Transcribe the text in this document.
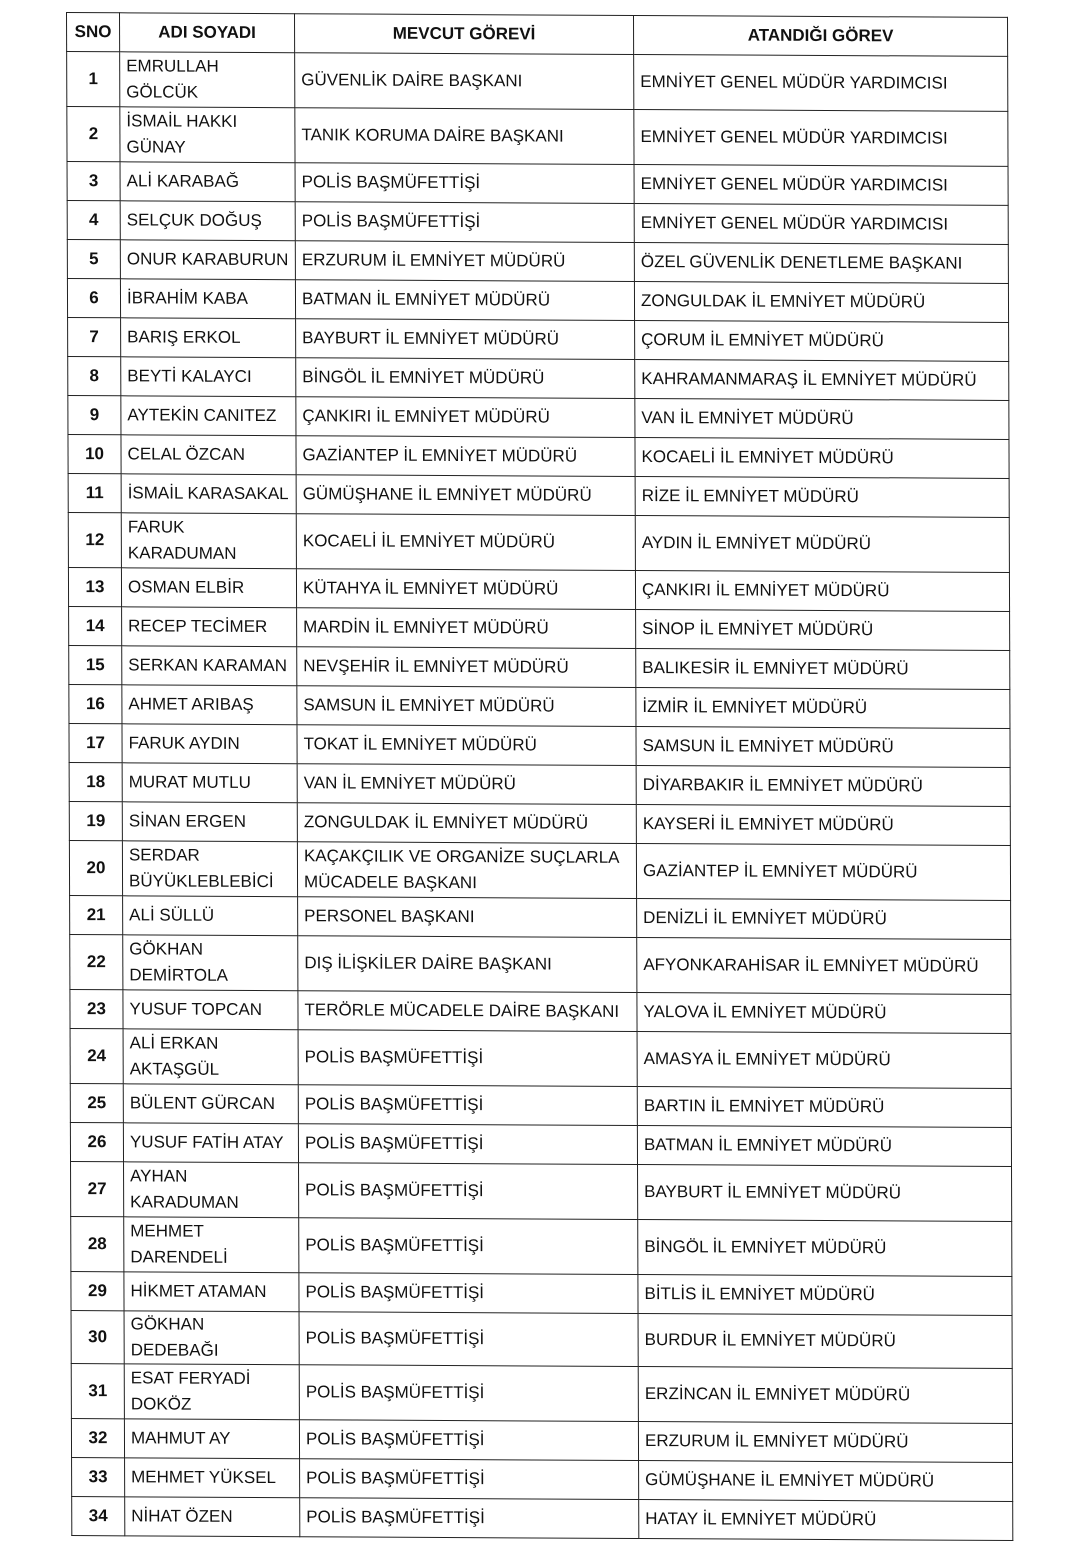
SNO	ADI SOYADI	MEVCUT GÖREVİ	ATANDIĞI GÖREV
1	EMRULLAH GÖLCÜK	GÜVENLİK DAİRE BAŞKANI	EMNİYET GENEL MÜDÜR YARDIMCISI
2	İSMAİL HAKKI GÜNAY	TANIK KORUMA DAİRE BAŞKANI	EMNİYET GENEL MÜDÜR YARDIMCISI
3	ALİ KARABAĞ	POLİS BAŞMÜFETTİŞİ	EMNİYET GENEL MÜDÜR YARDIMCISI
4	SELÇUK DOĞUŞ	POLİS BAŞMÜFETTİŞİ	EMNİYET GENEL MÜDÜR YARDIMCISI
5	ONUR KARABURUN	ERZURUM İL EMNİYET MÜDÜRÜ	ÖZEL GÜVENLİK DENETLEME BAŞKANI
6	İBRAHİM KABA	BATMAN İL EMNİYET MÜDÜRÜ	ZONGULDAK İL EMNİYET MÜDÜRÜ
7	BARIŞ ERKOL	BAYBURT İL EMNİYET MÜDÜRÜ	ÇORUM İL EMNİYET MÜDÜRÜ
8	BEYTİ KALAYCI	BİNGÖL İL EMNİYET MÜDÜRÜ	KAHRAMANMARAŞ İL EMNİYET MÜDÜRÜ
9	AYTEKİN CANITEZ	ÇANKIRI İL EMNİYET MÜDÜRÜ	VAN İL EMNİYET MÜDÜRÜ
10	CELAL ÖZCAN	GAZİANTEP İL EMNİYET MÜDÜRÜ	KOCAELİ İL EMNİYET MÜDÜRÜ
11	İSMAİL KARASAKAL	GÜMÜŞHANE İL EMNİYET MÜDÜRÜ	RİZE İL EMNİYET MÜDÜRÜ
12	FARUK KARADUMAN	KOCAELİ İL EMNİYET MÜDÜRÜ	AYDIN İL EMNİYET MÜDÜRÜ
13	OSMAN ELBİR	KÜTAHYA İL EMNİYET MÜDÜRÜ	ÇANKIRI İL EMNİYET MÜDÜRÜ
14	RECEP TECİMER	MARDİN İL EMNİYET MÜDÜRÜ	SİNOP İL EMNİYET MÜDÜRÜ
15	SERKAN KARAMAN	NEVŞEHİR İL EMNİYET MÜDÜRÜ	BALIKESİR İL EMNİYET MÜDÜRÜ
16	AHMET ARIBAŞ	SAMSUN İL EMNİYET MÜDÜRÜ	İZMİR İL EMNİYET MÜDÜRÜ
17	FARUK AYDIN	TOKAT İL EMNİYET MÜDÜRÜ	SAMSUN İL EMNİYET MÜDÜRÜ
18	MURAT MUTLU	VAN İL EMNİYET MÜDÜRÜ	DİYARBAKIR İL EMNİYET MÜDÜRÜ
19	SİNAN ERGEN	ZONGULDAK İL EMNİYET MÜDÜRÜ	KAYSERİ İL EMNİYET MÜDÜRÜ
20	SERDAR BÜYÜKLEBLEBİCİ	KAÇAKÇILIK VE ORGANİZE SUÇLARLA MÜCADELE BAŞKANI	GAZİANTEP İL EMNİYET MÜDÜRÜ
21	ALİ SÜLLÜ	PERSONEL BAŞKANI	DENİZLİ İL EMNİYET MÜDÜRÜ
22	GÖKHAN DEMİRTOLA	DIŞ İLİŞKİLER DAİRE BAŞKANI	AFYONKARAHİSAR İL EMNİYET MÜDÜRÜ
23	YUSUF TOPCAN	TERÖRLE MÜCADELE DAİRE BAŞKANI	YALOVA İL EMNİYET MÜDÜRÜ
24	ALİ ERKAN AKTAŞGÜL	POLİS BAŞMÜFETTİŞİ	AMASYA İL EMNİYET MÜDÜRÜ
25	BÜLENT GÜRCAN	POLİS BAŞMÜFETTİŞİ	BARTIN İL EMNİYET MÜDÜRÜ
26	YUSUF FATİH ATAY	POLİS BAŞMÜFETTİŞİ	BATMAN İL EMNİYET MÜDÜRÜ
27	AYHAN KARADUMAN	POLİS BAŞMÜFETTİŞİ	BAYBURT İL EMNİYET MÜDÜRÜ
28	MEHMET DARENDELİ	POLİS BAŞMÜFETTİŞİ	BİNGÖL İL EMNİYET MÜDÜRÜ
29	HİKMET ATAMAN	POLİS BAŞMÜFETTİŞİ	BİTLİS İL EMNİYET MÜDÜRÜ
30	GÖKHAN DEDEBAĞI	POLİS BAŞMÜFETTİŞİ	BURDUR İL EMNİYET MÜDÜRÜ
31	ESAT FERYADİ DOKÖZ	POLİS BAŞMÜFETTİŞİ	ERZİNCAN İL EMNİYET MÜDÜRÜ
32	MAHMUT AY	POLİS BAŞMÜFETTİŞİ	ERZURUM İL EMNİYET MÜDÜRÜ
33	MEHMET YÜKSEL	POLİS BAŞMÜFETTİŞİ	GÜMÜŞHANE İL EMNİYET MÜDÜRÜ
34	NİHAT ÖZEN	POLİS BAŞMÜFETTİŞİ	HATAY İL EMNİYET MÜDÜRÜ
